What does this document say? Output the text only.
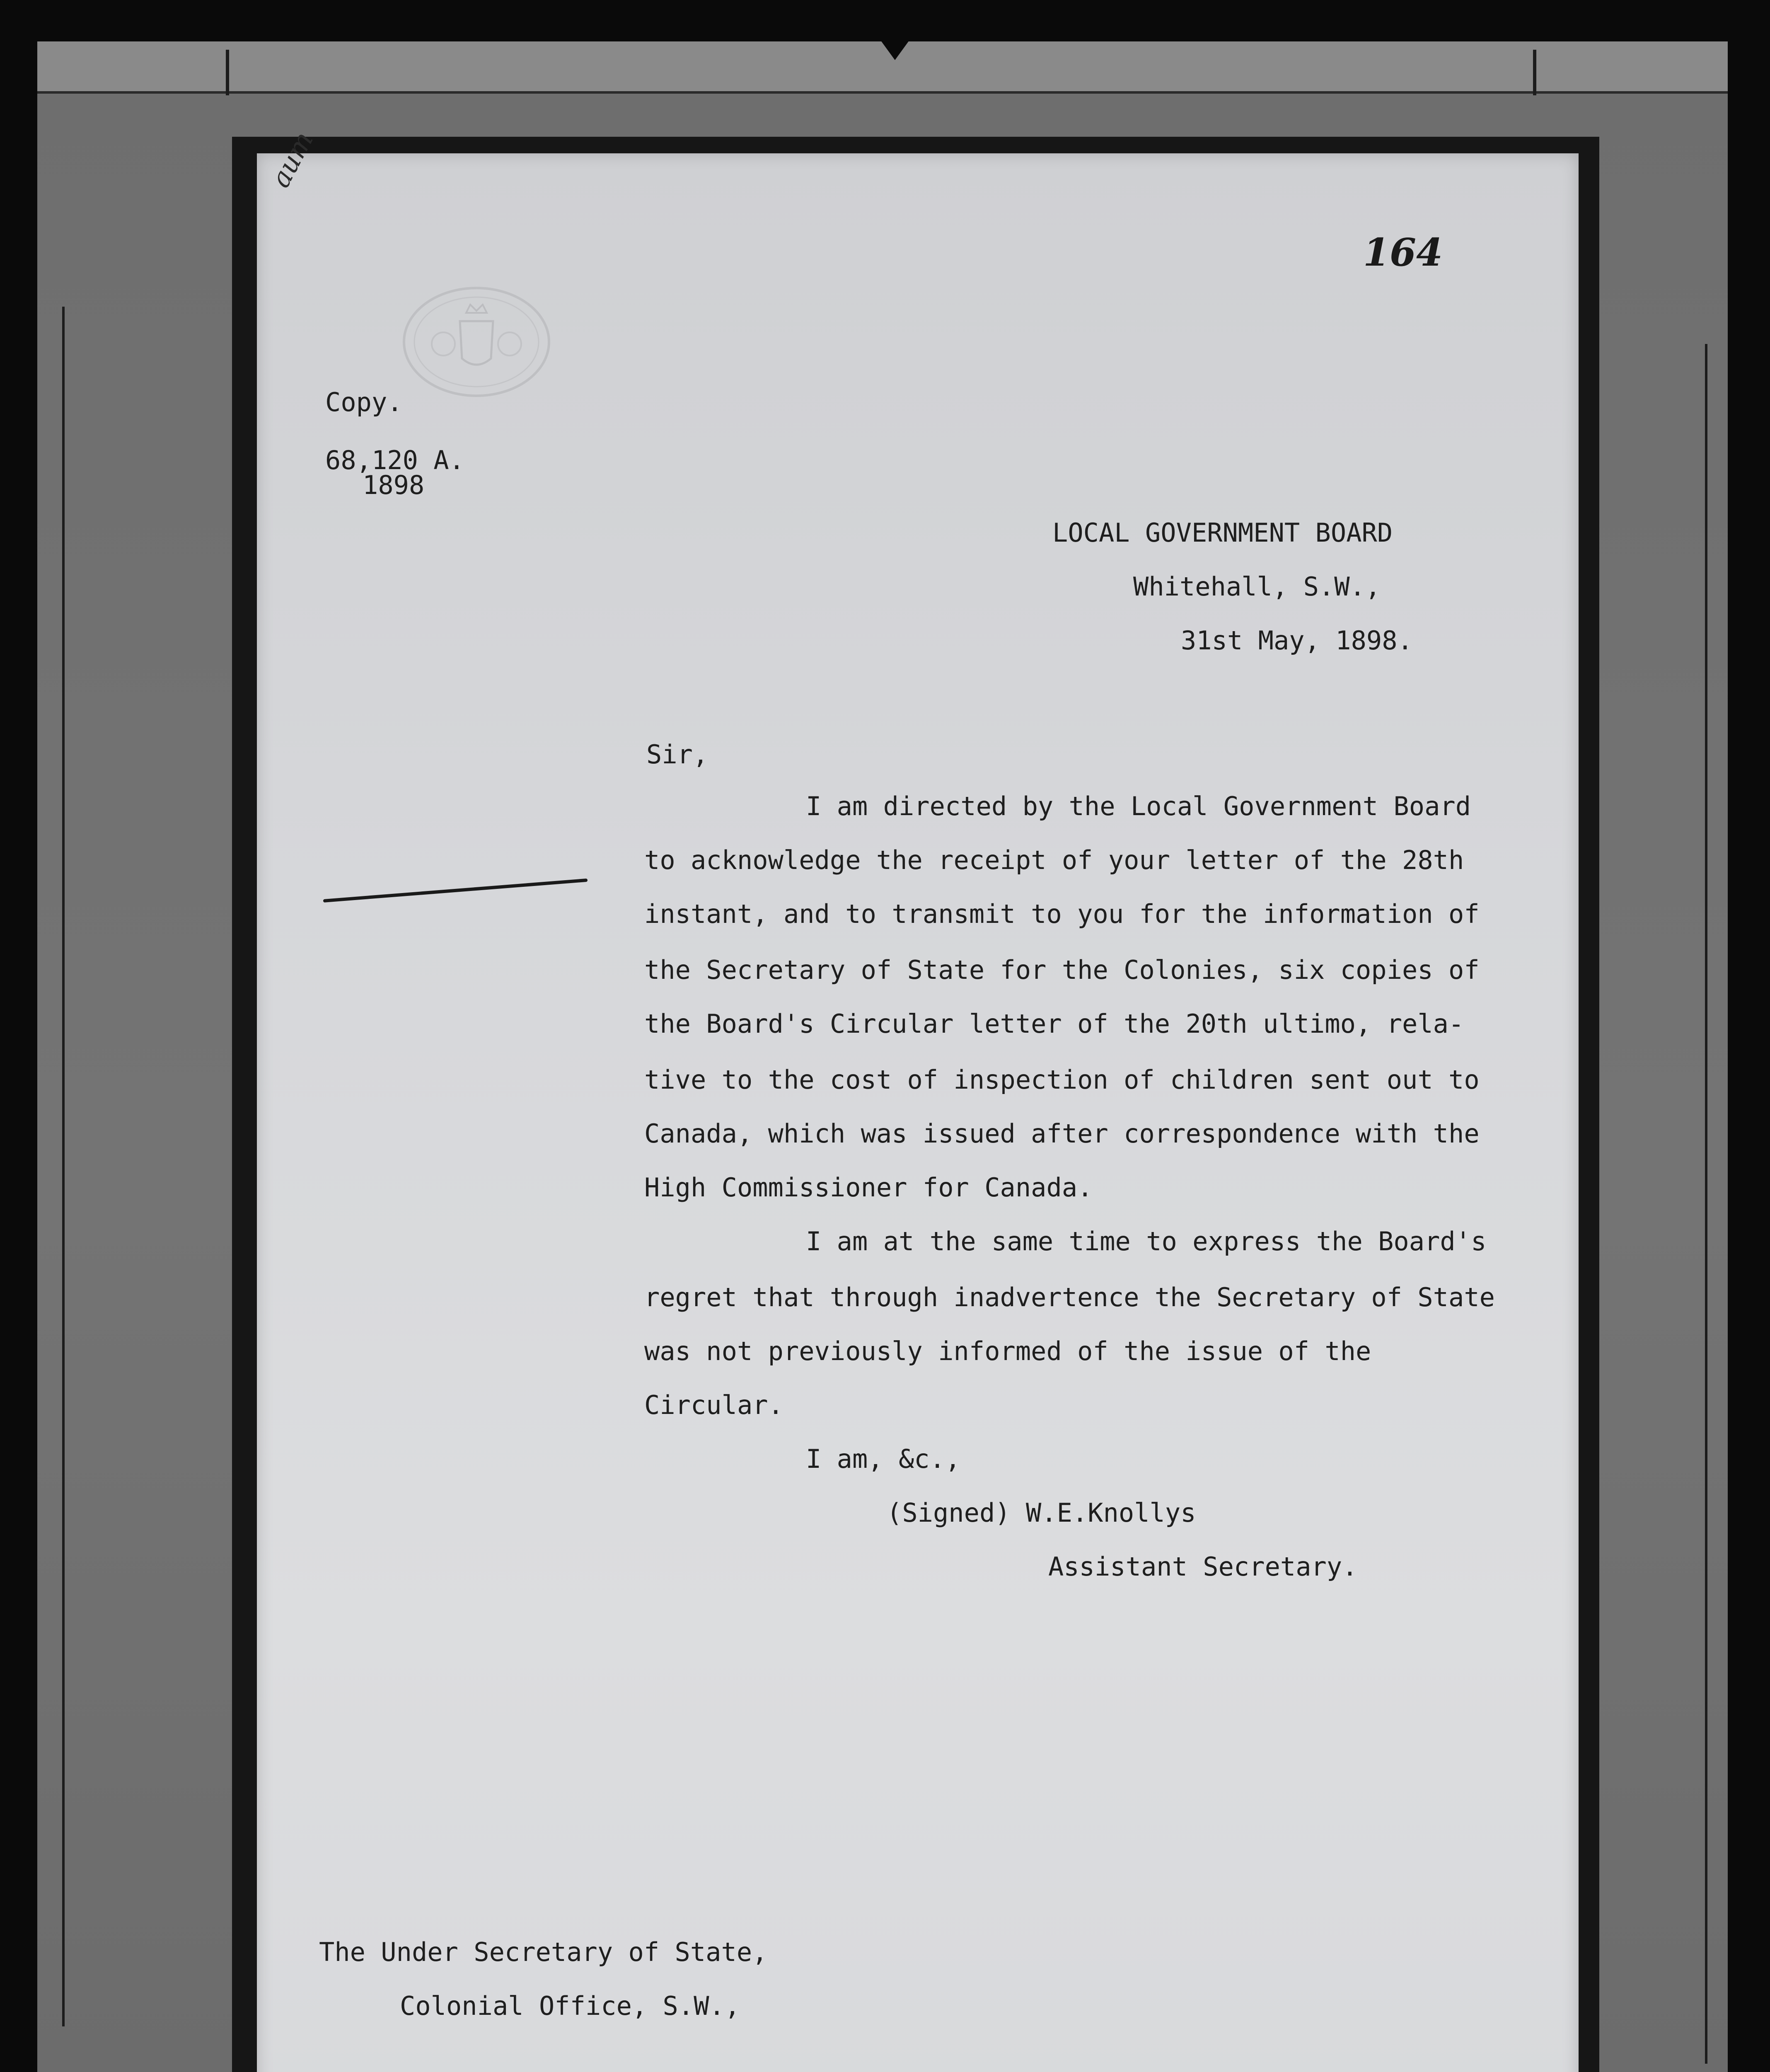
aum
164
Copy.
68,120 A.
1898
LOCAL GOVERNMENT BOARD
Whitehall, S.W.,
31st May, 1898.
Sir,
I am directed by the Local Government Board
to acknowledge the receipt of your letter of the 28th
instant, and to transmit to you for the information of
the Secretary of State for the Colonies, six copies of
the Board's Circular letter of the 20th ultimo, rela-
tive to the cost of inspection of children sent out to
Canada, which was issued after correspondence with the
High Commissioner for Canada.
I am at the same time to express the Board's
regret that through inadvertence the Secretary of State
was not previously informed of the issue of the
Circular.
I am, &c.,
(Signed) W.E.Knollys
Assistant Secretary.
The Under Secretary of State,
Colonial Office, S.W.,
